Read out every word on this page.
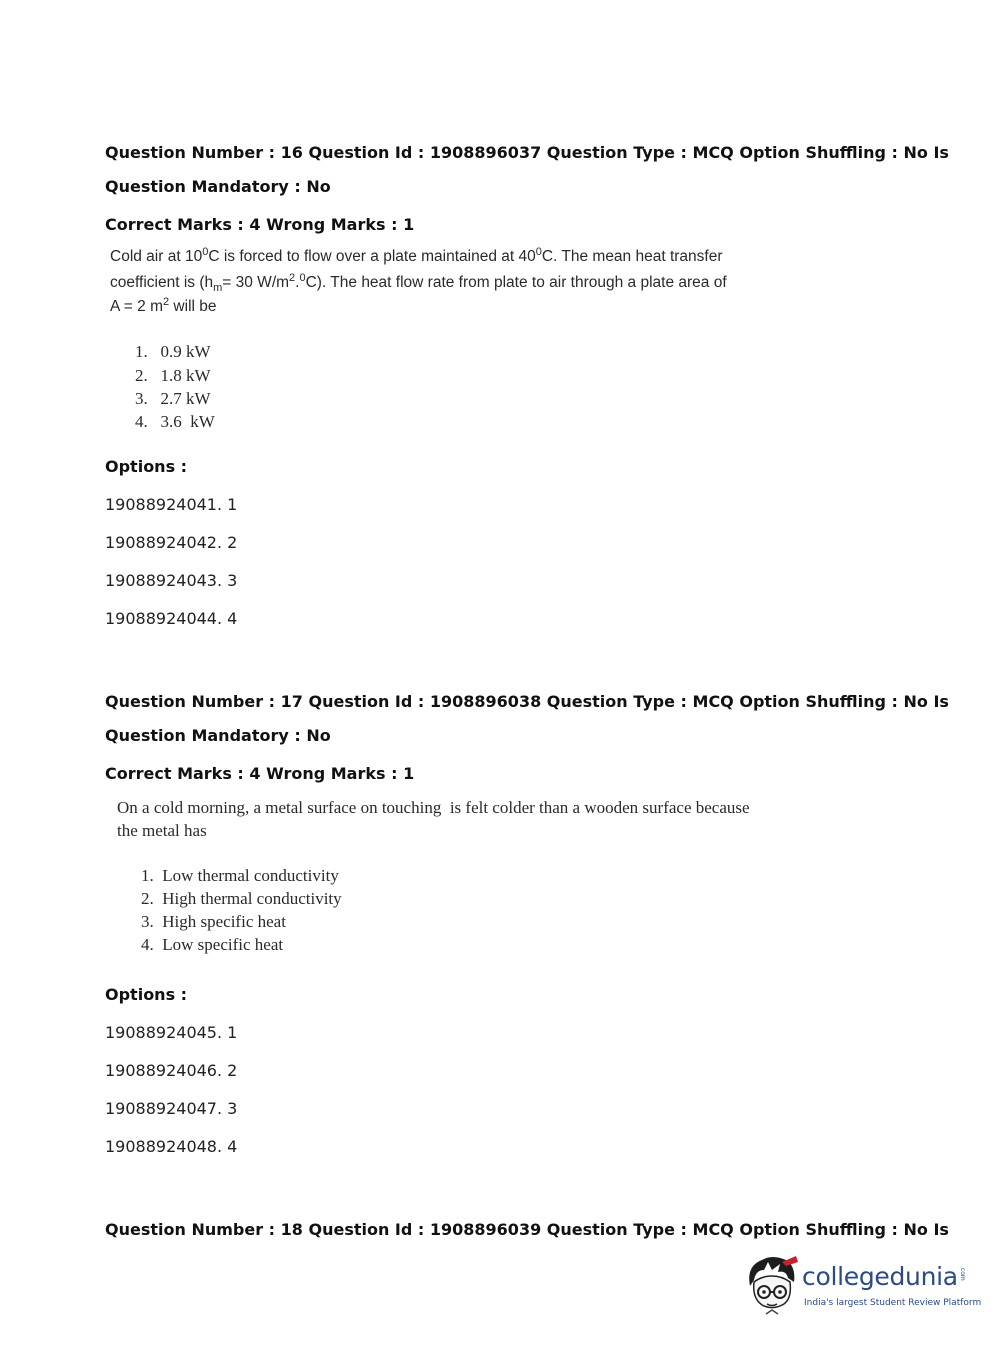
Question Number : 16 Question Id : 1908896037 Question Type : MCQ Option Shuffling : No Is
Question Mandatory : No
Correct Marks : 4 Wrong Marks : 1
Cold air at $10^0C$ is forced to flow over a plate maintained at $40^0C$. The mean heat transfer
coefficient is ($h_m= 30$ $W/m^2.^0C$). The heat flow rate from plate to air through a plate area of
A = 2 $m^2$ will be
1.   0.9 kW
2.   1.8 kW
3.   2.7 kW
4.   3.6  kW
Options :
19088924041. 1
19088924042. 2
19088924043. 3
19088924044. 4
Question Number : 17 Question Id : 1908896038 Question Type : MCQ Option Shuffling : No Is
Question Mandatory : No
Correct Marks : 4 Wrong Marks : 1
On a cold morning, a metal surface on touching  is felt colder than a wooden surface because
the metal has
1.  Low thermal conductivity
2.  High thermal conductivity
3.  High specific heat
4.  Low specific heat
Options :
19088924045. 1
19088924046. 2
19088924047. 3
19088924048. 4
Question Number : 18 Question Id : 1908896039 Question Type : MCQ Option Shuffling : No Is
collegedunia .com
India's largest Student Review Platform
